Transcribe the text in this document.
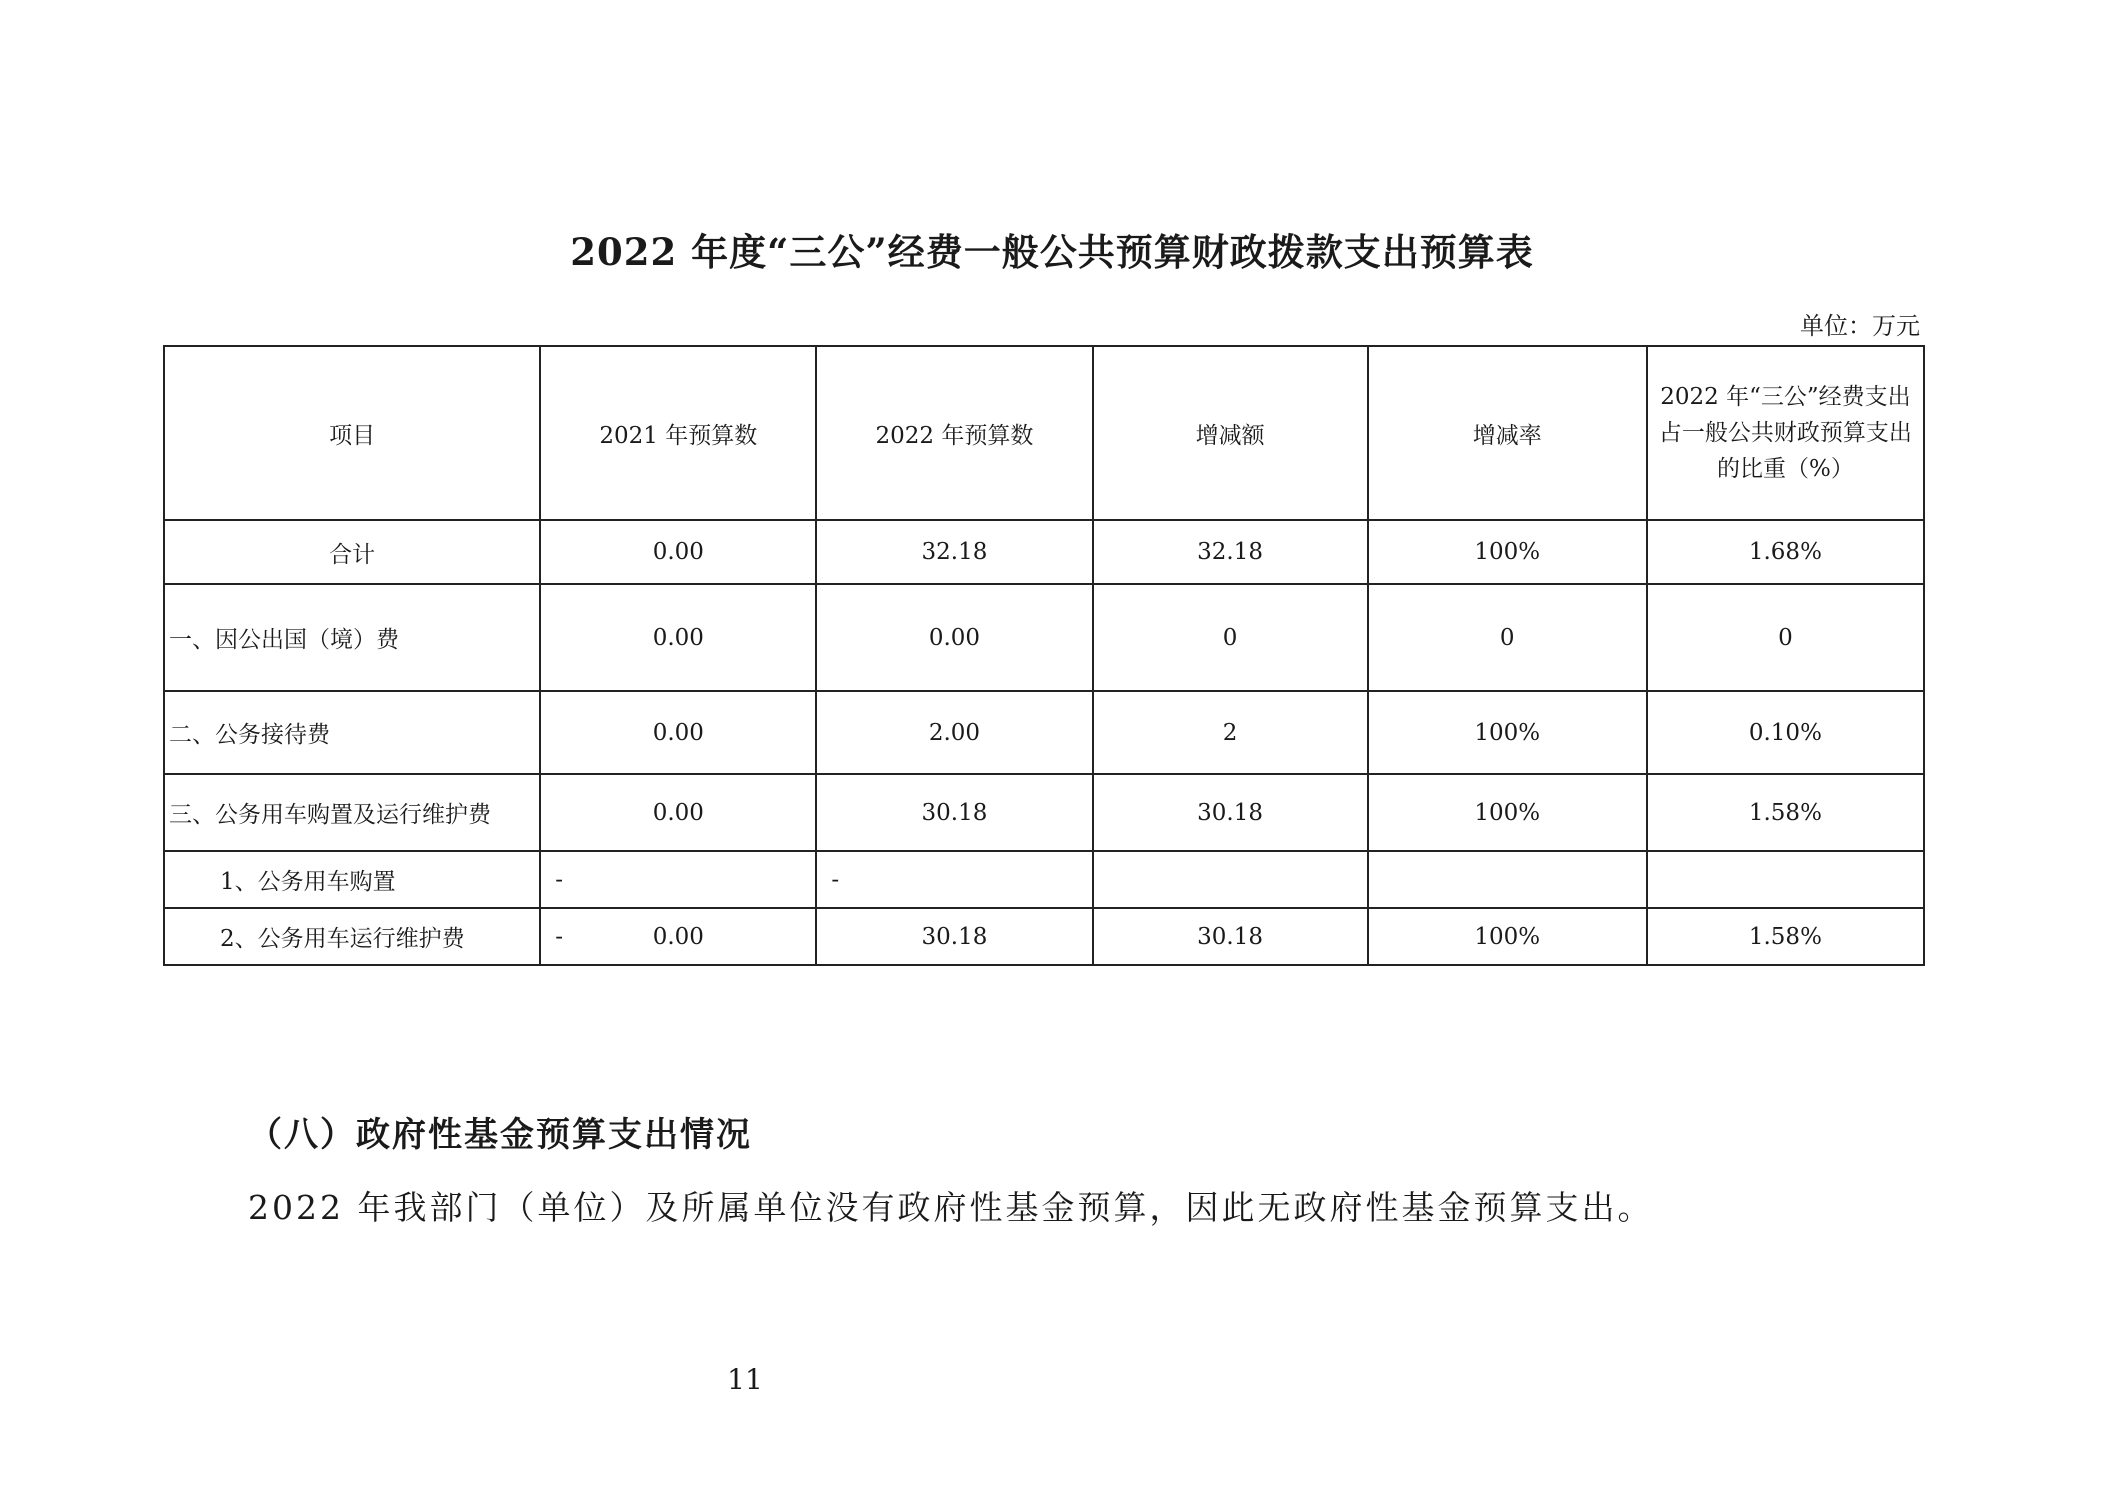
2022 年度“三公”经费一般公共预算财政拨款支出预算表
单位：万元
项目	2021 年预算数	2022 年预算数	增减额	增减率	2022 年“三公”经费支出占一般公共财政预算支出的比重（%）
合计	0.00	32.18	32.18	100%	1.68%
一、因公出国（境）费	0.00	0.00	0	0	0
二、公务接待费	0.00	2.00	2	100%	0.10%
三、公务用车购置及运行维护费	0.00	30.18	30.18	100%	1.58%
1、公务用车购置	-	-			

2、公务用车运行维护费	- 0.00	30.18	30.18	100%	1.58%
（八）政府性基金预算支出情况
2022 年我部门（单位）及所属单位没有政府性基金预算，因此无政府性基金预算支出。
11
